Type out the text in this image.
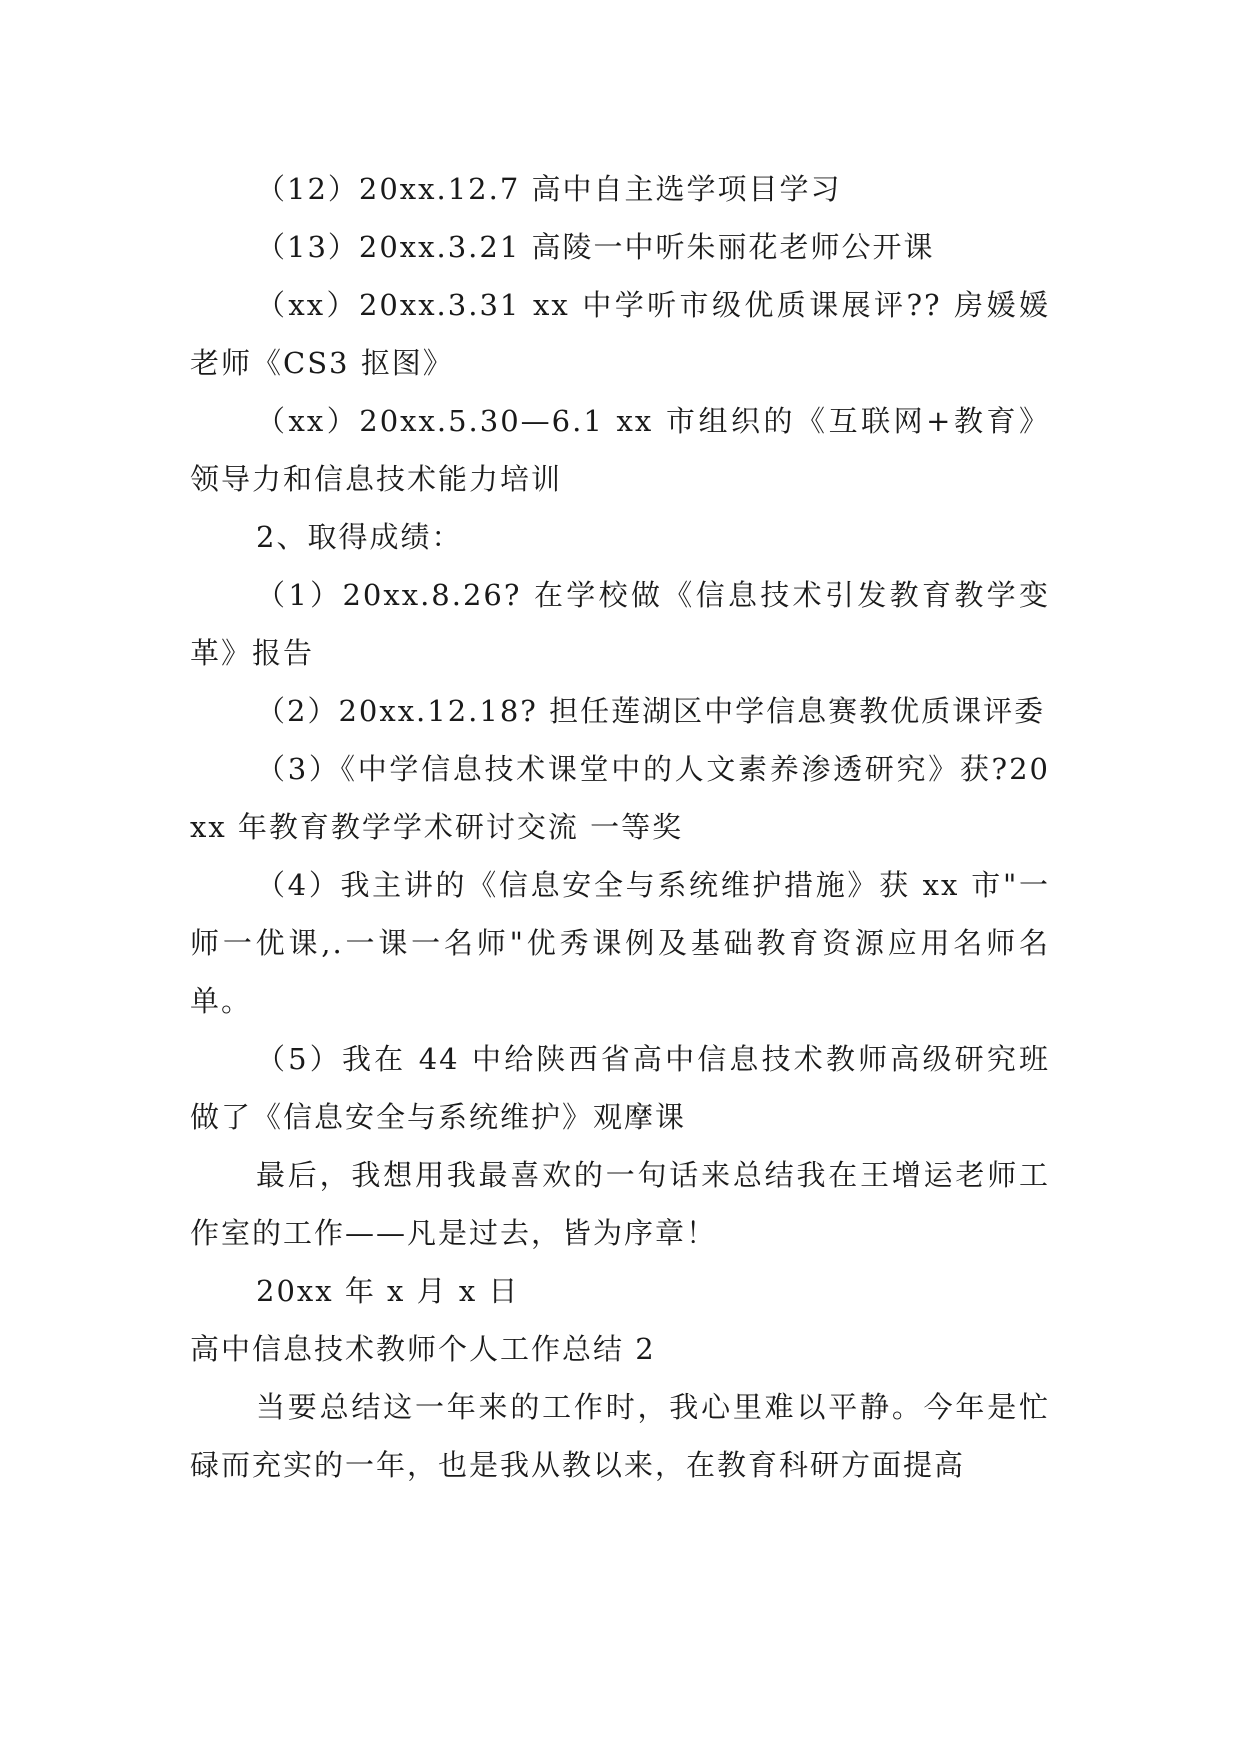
（12）20xx.12.7 高中自主选学项目学习

（13）20xx.3.21 高陵一中听朱丽花老师公开课

（xx）20xx.3.31 xx 中学听市级优质课展评?? 房媛媛老师《CS3 抠图》

（xx）20xx.5.30—6.1 xx 市组织的《互联网+教育》领导力和信息技术能力培训

2、取得成绩：

（1）20xx.8.26? 在学校做《信息技术引发教育教学变革》报告

（2）20xx.12.18? 担任莲湖区中学信息赛教优质课评委

（3）《中学信息技术课堂中的人文素养渗透研究》获?20xx 年教育教学学术研讨交流 一等奖

（4）我主讲的《信息安全与系统维护措施》获 xx 市"一师一优课,.一课一名师"优秀课例及基础教育资源应用名师名单。

（5）我在 44 中给陕西省高中信息技术教师高级研究班做了《信息安全与系统维护》观摩课

最后，我想用我最喜欢的一句话来总结我在王增运老师工作室的工作——凡是过去，皆为序章！

20xx 年 x 月 x 日

高中信息技术教师个人工作总结 2

当要总结这一年来的工作时，我心里难以平静。今年是忙碌而充实的一年，也是我从教以来，在教育科研方面提高
